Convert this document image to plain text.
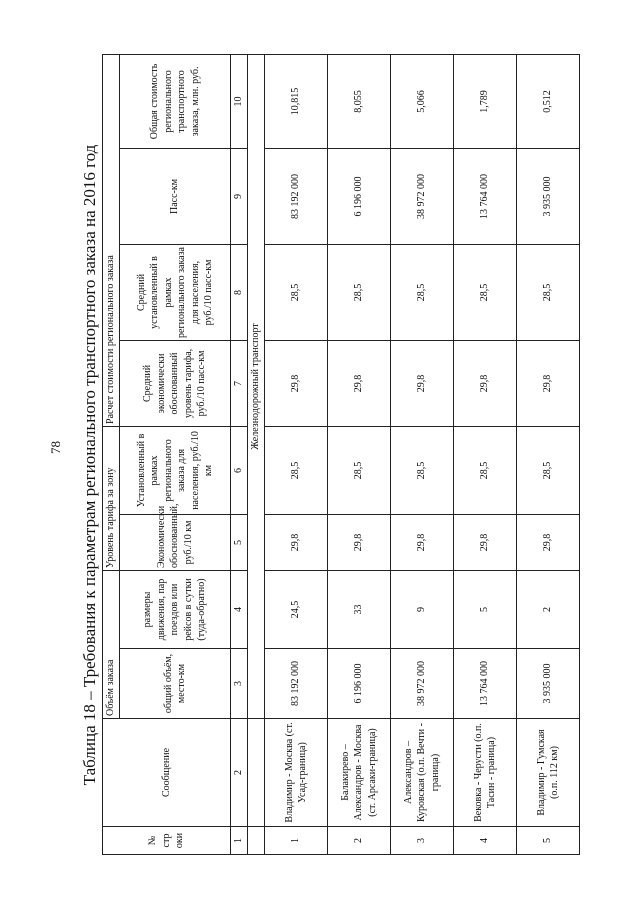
78 Таблица 18 – Требования к параметрам регионального транспортного заказа на 2016 год
№ стр оки	Сообщение	Объём заказа		Уровень тарифа за зону		Расчет стоимости регионального заказа			
		общий объём, место-км	размеры движения, пар поездов или рейсов в сутки (туда-обратно)	Экономически обоснованный, руб./10 км	Установленный в рамках регионального заказа для населения, руб./10 км	Средний экономически обоснованный уровень тарифа, руб./10 пасс-км	Средний установленный в рамках регионального заказа для населения, руб./10 пасс-км	Пасс-км	Общая стоимость регионального транспортного заказа, млн. руб.
1	2	3	4	5	6	7	8	9	10
		Железнодорожный транспорт							
1	Владимир - Москва (ст. Усад-граница)	83 192 000	24,5	29,8	28,5	29,8	28,5	83 192 000	10,815
2	Балакирево – Александров - Москва (ст. Арсаки-граница)	6 196 000	33	29,8	28,5	29,8	28,5	6 196 000	8,055
3	Александров – Куровская (о.п. Вечти - граница)	38 972 000	9	29,8	28,5	29,8	28,5	38 972 000	5,066
4	Вековка - Черусти (о.п. Тасин - граница)	13 764 000	5	29,8	28,5	29,8	28,5	13 764 000	1,789
5	Владимир - Гумская (о.п. 112 км)	3 935 000	2	29,8	28,5	29,8	28,5	3 935 000	0,512
